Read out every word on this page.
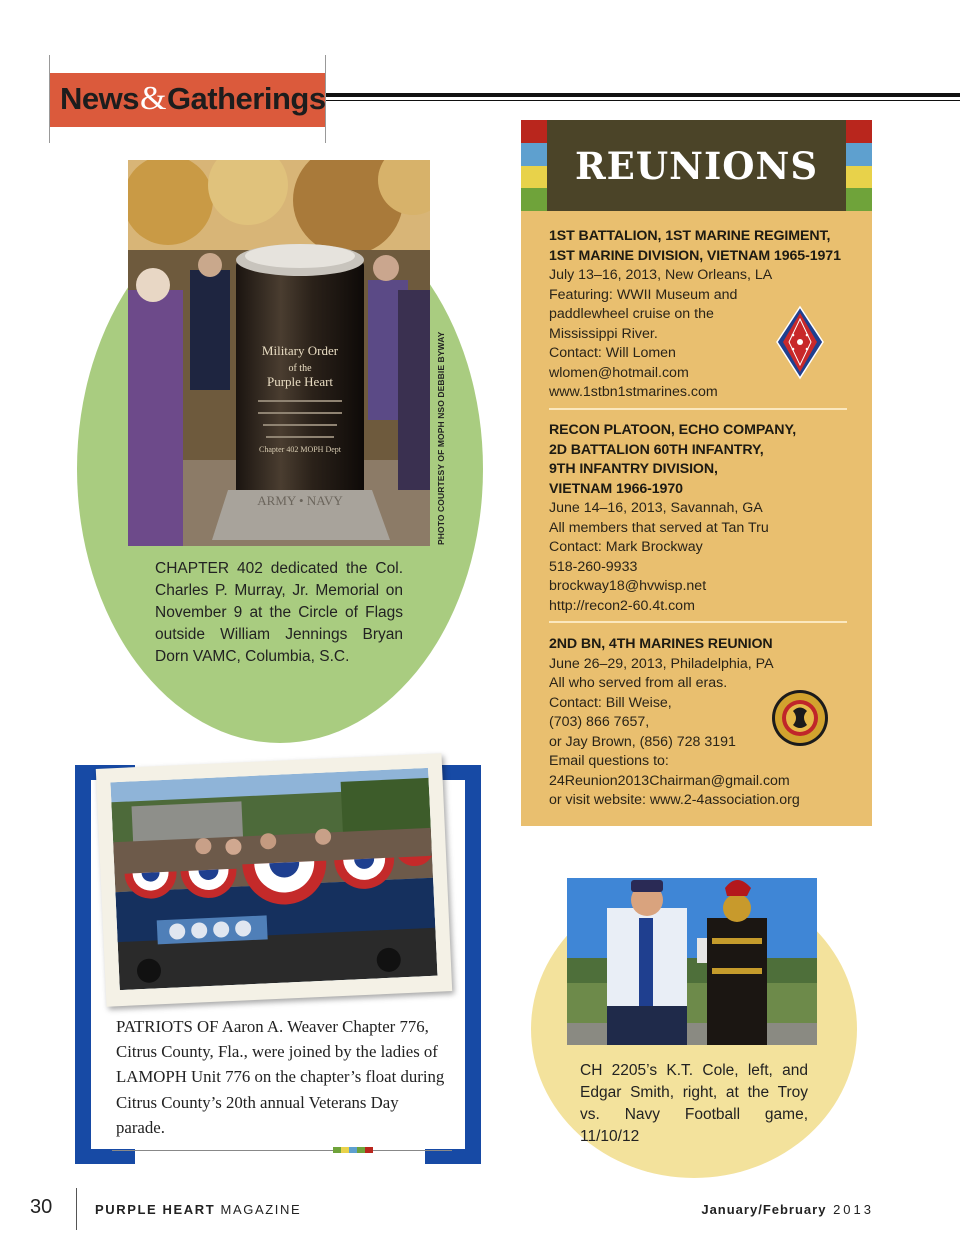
News&Gatherings
Military Order
of the
Purple Heart
Chapter 402 MOPH Dept
ARMY • NAVY	PHOTO COURTESY OF MOPH NSO DEBBIE BYWAY
CHAPTER 402 dedicated the Col. Charles P. Murray, Jr. Memorial on November 9 at the Circle of Flags outside William Jennings Bryan Dorn VAMC, Columbia, S.C.
REUNIONS
1ST BATTALION, 1ST MARINE REGIMENT,
1ST MARINE DIVISION, VIETNAM 1965-1971
July 13–16, 2013, New Orleans, LA
Featuring: WWII Museum and
paddlewheel cruise on the
Mississippi River.
Contact: Will Lomen
wlomen@hotmail.com
www.1stbn1stmarines.com
RECON PLATOON, ECHO COMPANY,
2D BATTALION 60TH INFANTRY,
9TH INFANTRY DIVISION,
VIETNAM 1966-1970
June 14–16, 2013, Savannah, GA
All members that served at Tan Tru
Contact: Mark Brockway
518-260-9933
brockway18@hvwisp.net
http://recon2-60.4t.com
2ND BN, 4TH MARINES REUNION
June 26–29, 2013, Philadelphia, PA
All who served from all eras.
Contact: Bill Weise,
(703) 866 7657,
or Jay Brown, (856) 728 3191
Email questions to:
24Reunion2013Chairman@gmail.com
or visit website: www.2-4association.org
PATRIOTS OF Aaron A. Weaver Chapter 776, Citrus County, Fla., were joined by the ladies of LAMOPH Unit 776 on the chapter’s float during Citrus County’s 20th annual Veterans Day parade.
CH 2205’s K.T. Cole, left, and Edgar Smith, right, at the Troy vs. Navy Football game, 11/10/12
30	PURPLE HEART MAGAZINE	January/February 2013
